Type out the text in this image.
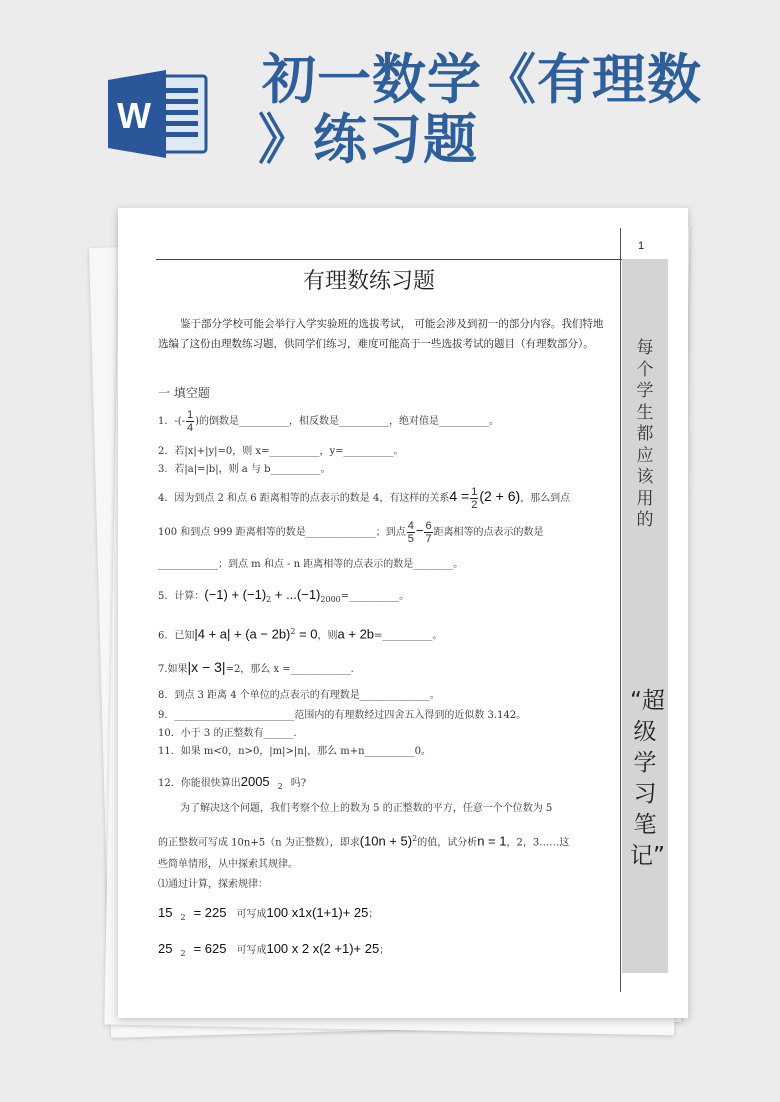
W
初一数学《有理数
》练习题
1
每个学生都应该用的
“超级学习笔记”
有理数练习题
鉴于部分学校可能会举行入学实验班的选拔考试， 可能会涉及到初一的部分内容。我们特地选编了这份由理数练习题，供同学们练习，难度可能高于一些选拔考试的题目（有理数部分）。
一 填空题
1．-(- $\frac{1}{4}$ )的倒数是__________，相反数是__________，绝对值是__________。
2．若|x|+|y|=0，则 x=__________，y=__________。
3．若|a|=|b|，则 a 与 b__________。
4．因为到点 2 和点 6 距离相等的点表示的数是 4，有这样的关系$4 = \frac{1}{2} (2 + 6)$，那么到点
100 和到点 999 距离相等的数是______________；到点 $\frac{4}{5} - \frac{6}{7}$ 距离相等的点表示的数是
____________；到点 m 和点 - n 距离相等的点表示的数是________。
5．计算：$(-1) + (-1)_2$ + $...(-1)_{2000}=\_\_\_\_\_\_\_\_\_\_$。
6．已知$|4 + a| + (a - 2b)^2 = 0$，则a + 2b=__________。
7.如果|x − 3|=2，那么 x =____________.
8．到点 3 距离 4 个单位的点表示的有理数是______________。
9．________________________范围内的有理数经过四舍五入得到的近似数 3.142。
10．小于 3 的正整数有______.
11．如果 m<0，n>0，|m|>|n|，那么 m+n__________0。
12．你能很快算出2005 $_2$ 吗?
为了解决这个问题，我们考察个位上的数为 5 的正整数的平方，任意一个个位数为 5
的正整数可写成 10n+5（n 为正整数），即求$(10n + 5)^2$的值，试分析n = 1，2，3……这
些简单情形，从中探索其规律。
⑴通过计算，探索规律：
15 $_2$ = 225 可写成100 x1x(1+1)+ 25；
25 $_2$ = 625 可写成100 x 2 x(2 +1)+ 25；
